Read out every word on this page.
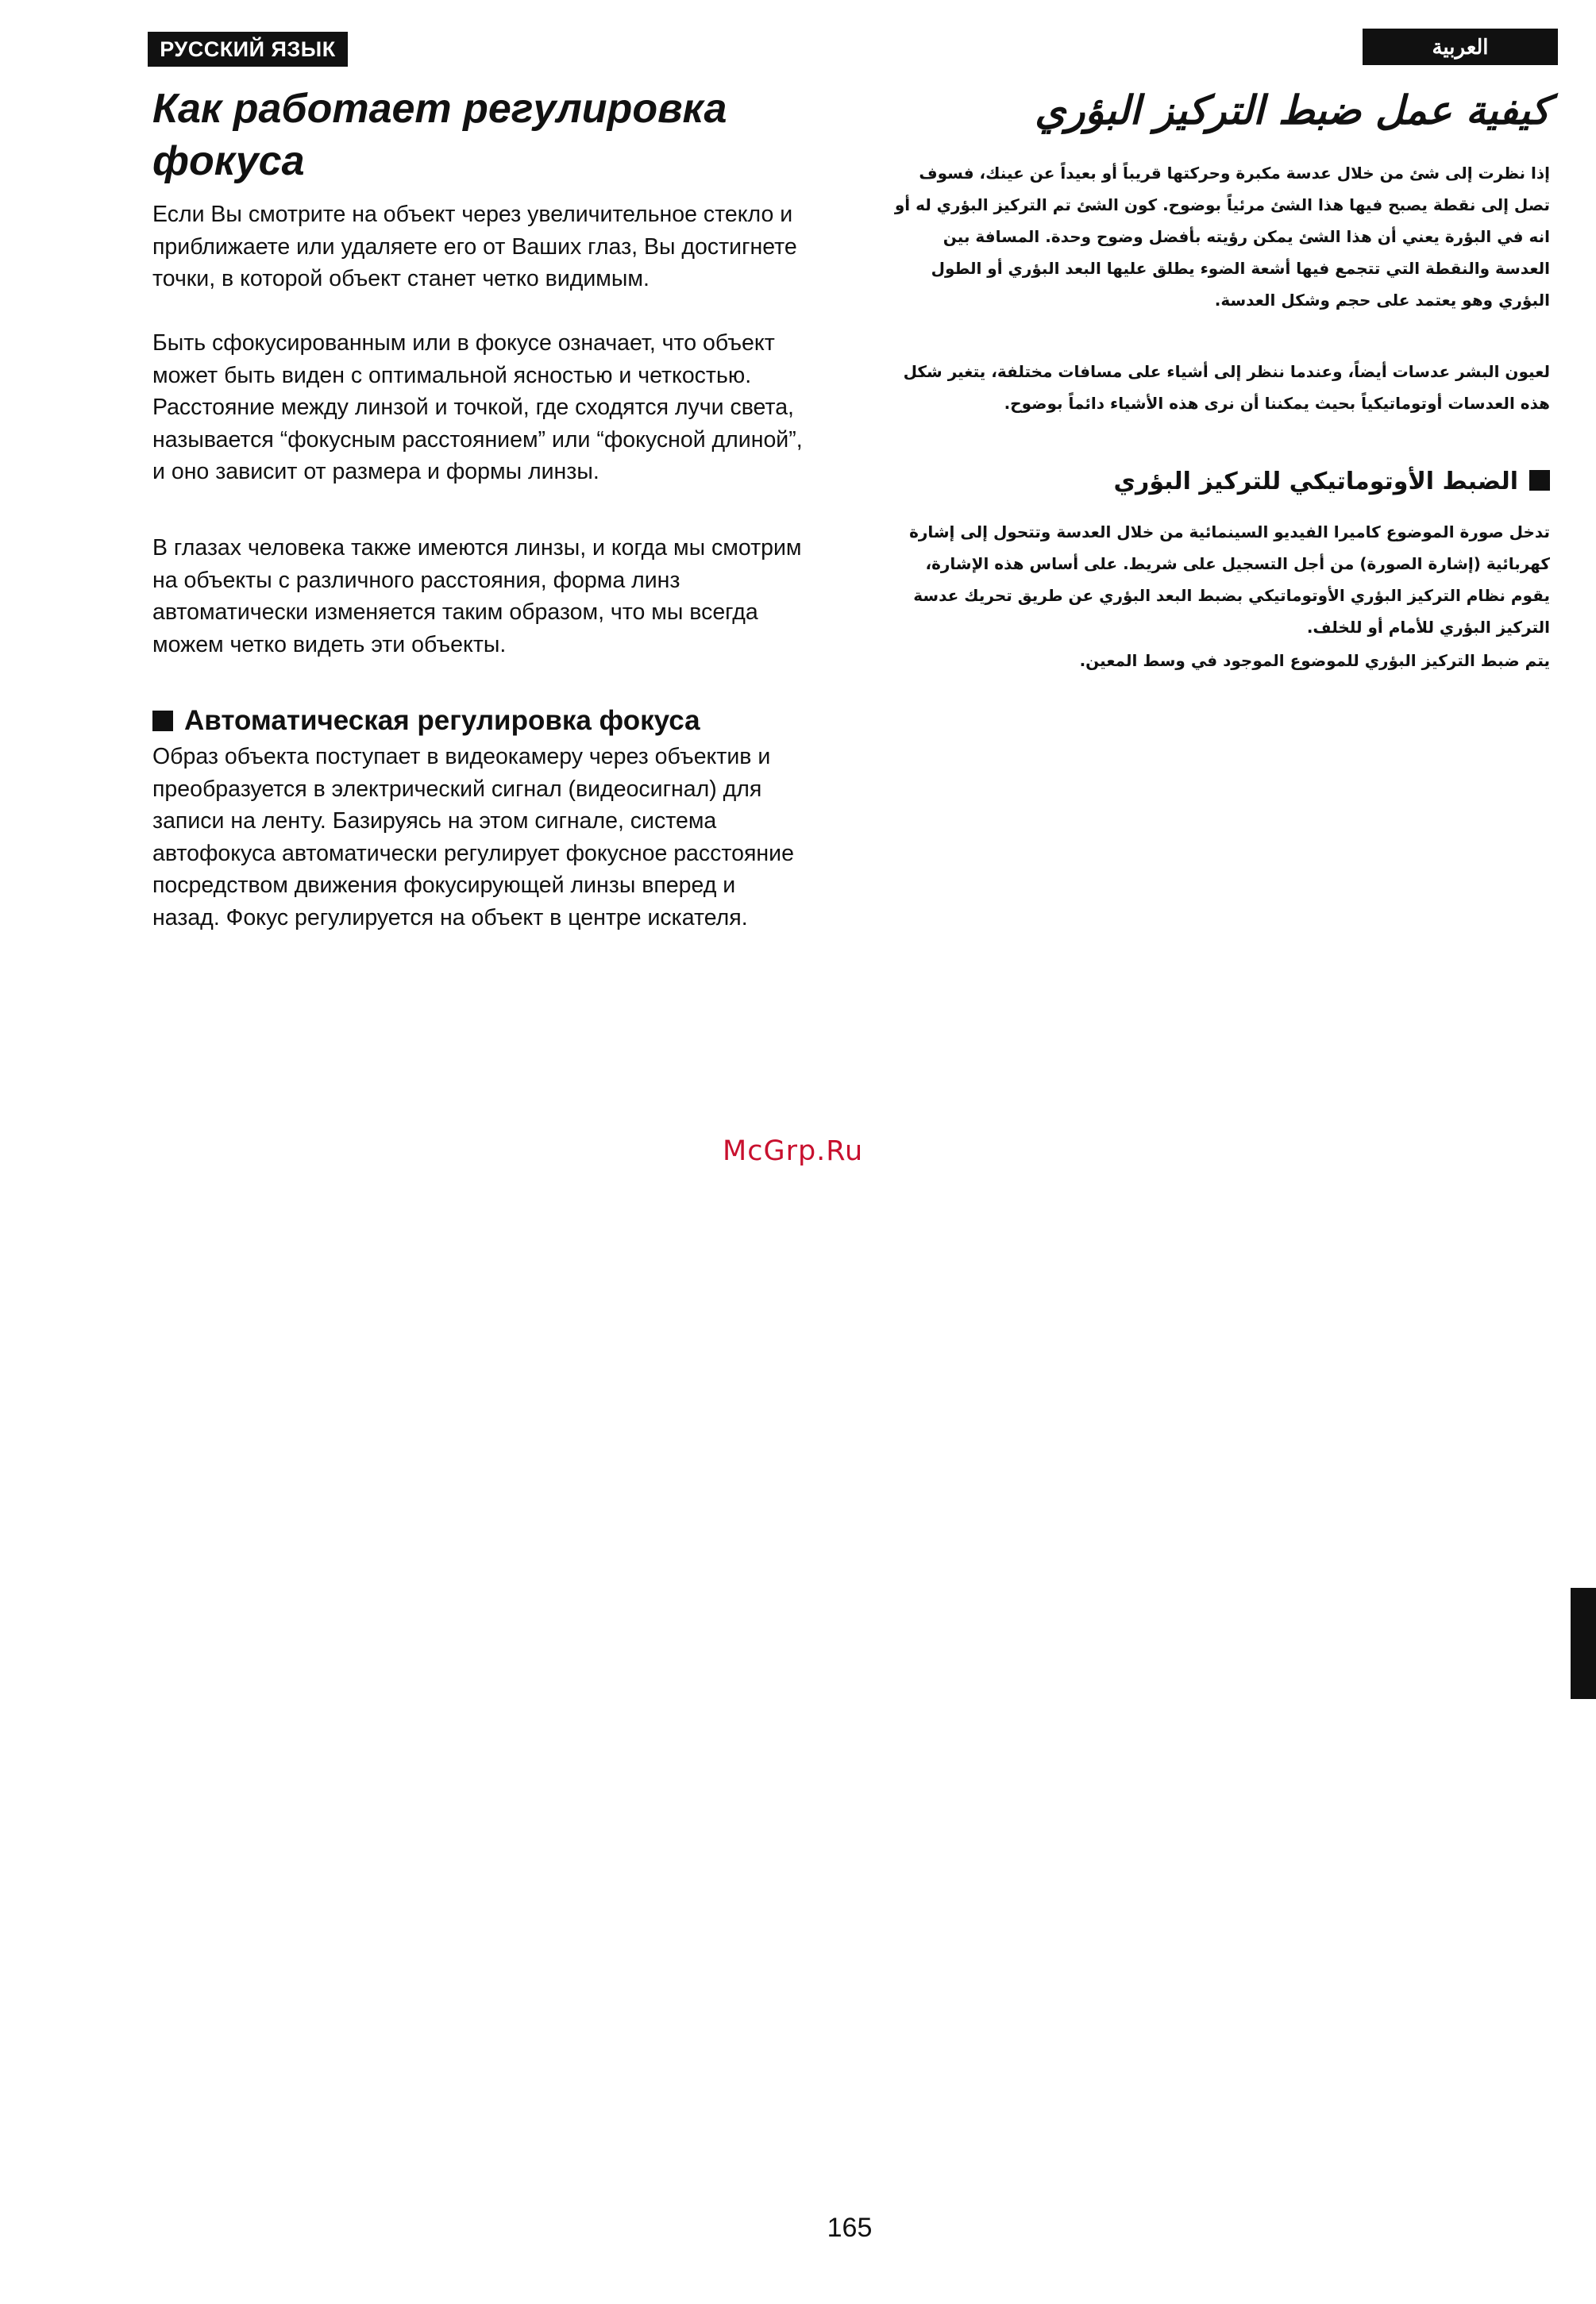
РУССКИЙ ЯЗЫК	العربية
Как работает регулировка фокуса

Если Вы смотрите на объект через увеличительное стекло и приближаете или удаляете его от Ваших глаз, Вы достигнете точки, в которой объект станет четко видимым.

Быть сфокусированным или в фокусе означает, что объект может быть виден с оптимальной ясностью и четкостью. Расстояние между линзой и точкой, где сходятся лучи света, называется “фокусным расстоянием” или “фокусной длиной”, и оно зависит от размера и формы линзы.

В глазах человека также имеются линзы, и когда мы смотрим на объекты с различного расстояния, форма линз автоматически изменяется таким образом, что мы всегда можем четко видеть эти объекты.

Автоматическая регулировка фокуса

Образ объекта поступает в видеокамеру через объектив и преобразуется в электрический сигнал (видеосигнал) для записи на ленту. Базируясь на этом сигнале, система автофокуса автоматически регулирует фокусное расстояние посредством движения фокусирующей линзы вперед и назад. Фокус регулируется на объект в центре искателя.

كيفية عمل ضبط التركيز البؤري

إذا نظرت إلى شئ من خلال عدسة مكبرة وحركتها قريباً أو بعيداً عن عينك، فسوف تصل إلى نقطة يصبح فيها هذا الشئ مرئياً بوضوح. كون الشئ تم التركيز البؤري له أو انه في البؤرة يعني أن هذا الشئ يمكن رؤيته بأفضل وضوح وحدة. المسافة بين العدسة والنقطة التي تتجمع فيها أشعة الضوء يطلق عليها البعد البؤري أو الطول البؤري وهو يعتمد على حجم وشكل العدسة.

لعيون البشر عدسات أيضاً، وعندما ننظر إلى أشياء على مسافات مختلفة، يتغير شكل هذه العدسات أوتوماتيكياً بحيث يمكننا أن نرى هذه الأشياء دائماً بوضوح.

الضبط الأوتوماتيكي للتركيز البؤري

تدخل صورة الموضوع كاميرا الفيديو السينمائية من خلال العدسة وتتحول إلى إشارة كهربائية (إشارة الصورة) من أجل التسجيل على شريط. على أساس هذه الإشارة، يقوم نظام التركيز البؤري الأوتوماتيكي بضبط البعد البؤري عن طريق تحريك عدسة التركيز البؤري للأمام أو للخلف.

يتم ضبط التركيز البؤري للموضوع الموجود في وسط المعين.

McGrp.Ru
165
